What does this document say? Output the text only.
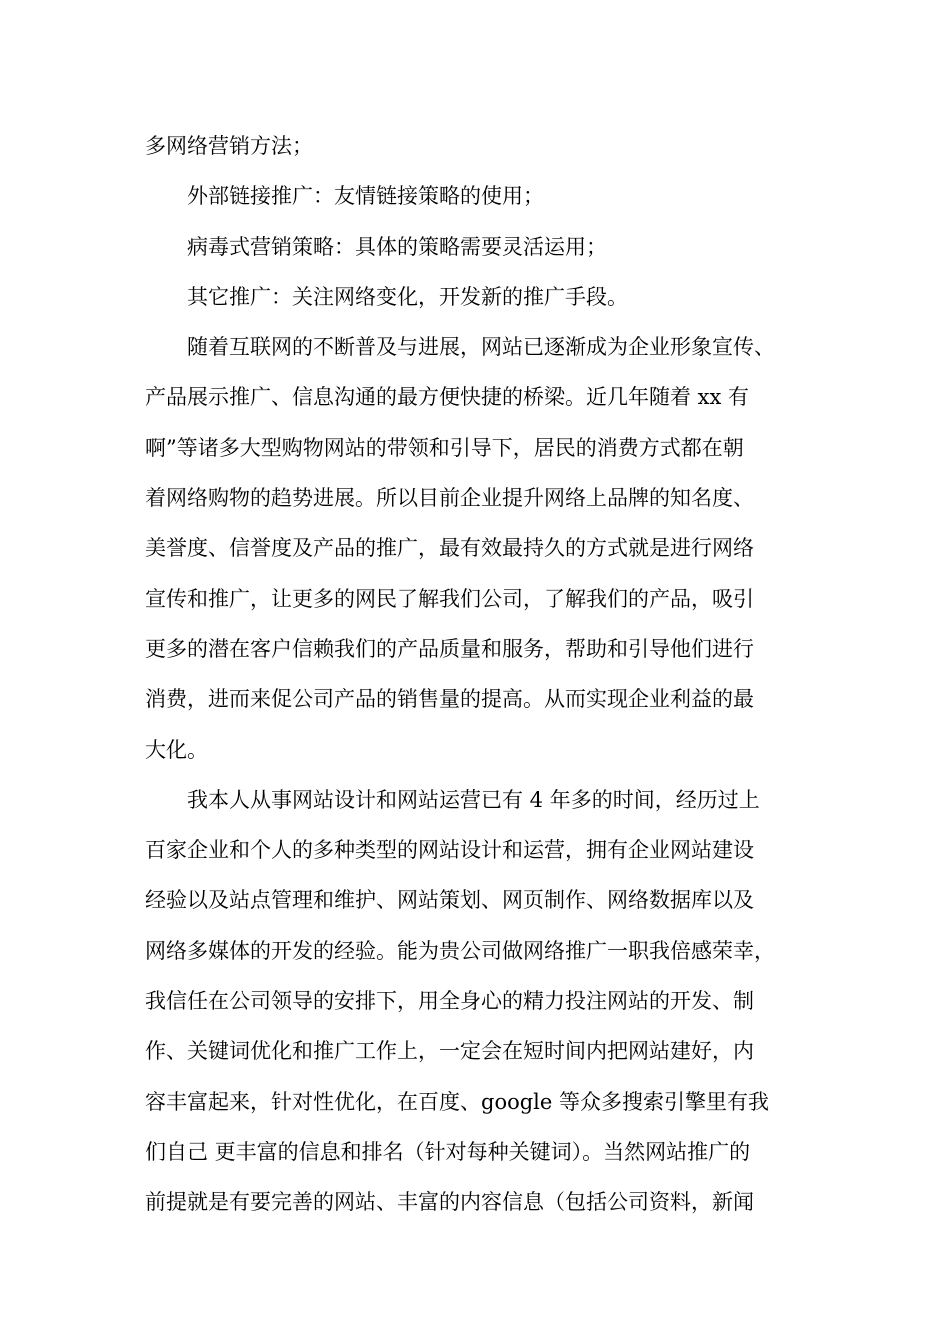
多网络营销方法；
外部链接推广：友情链接策略的使用；
病毒式营销策略：具体的策略需要灵活运用；
其它推广：关注网络变化，开发新的推广手段。
随着互联网的不断普及与进展，网站已逐渐成为企业形象宣传、
产品展示推广、信息沟通的最方便快捷的桥梁。近几年随着 xx 有
啊”等诸多大型购物网站的带领和引导下，居民的消费方式都在朝
着网络购物的趋势进展。所以目前企业提升网络上品牌的知名度、
美誉度、信誉度及产品的推广，最有效最持久的方式就是进行网络
宣传和推广，让更多的网民了解我们公司，了解我们的产品，吸引
更多的潜在客户信赖我们的产品质量和服务，帮助和引导他们进行
消费，进而来促公司产品的销售量的提高。从而实现企业利益的最
大化。
我本人从事网站设计和网站运营已有 4 年多的时间，经历过上
百家企业和个人的多种类型的网站设计和运营，拥有企业网站建设
经验以及站点管理和维护、网站策划、网页制作、网络数据库以及
网络多媒体的开发的经验。能为贵公司做网络推广一职我倍感荣幸，
我信任在公司领导的安排下，用全身心的精力投注网站的开发、制
作、关键词优化和推广工作上，一定会在短时间内把网站建好，内
容丰富起来，针对性优化，在百度、google 等众多搜索引擎里有我
们自己 更丰富的信息和排名（针对每种关键词）。当然网站推广的
前提就是有要完善的网站、丰富的内容信息（包括公司资料，新闻
